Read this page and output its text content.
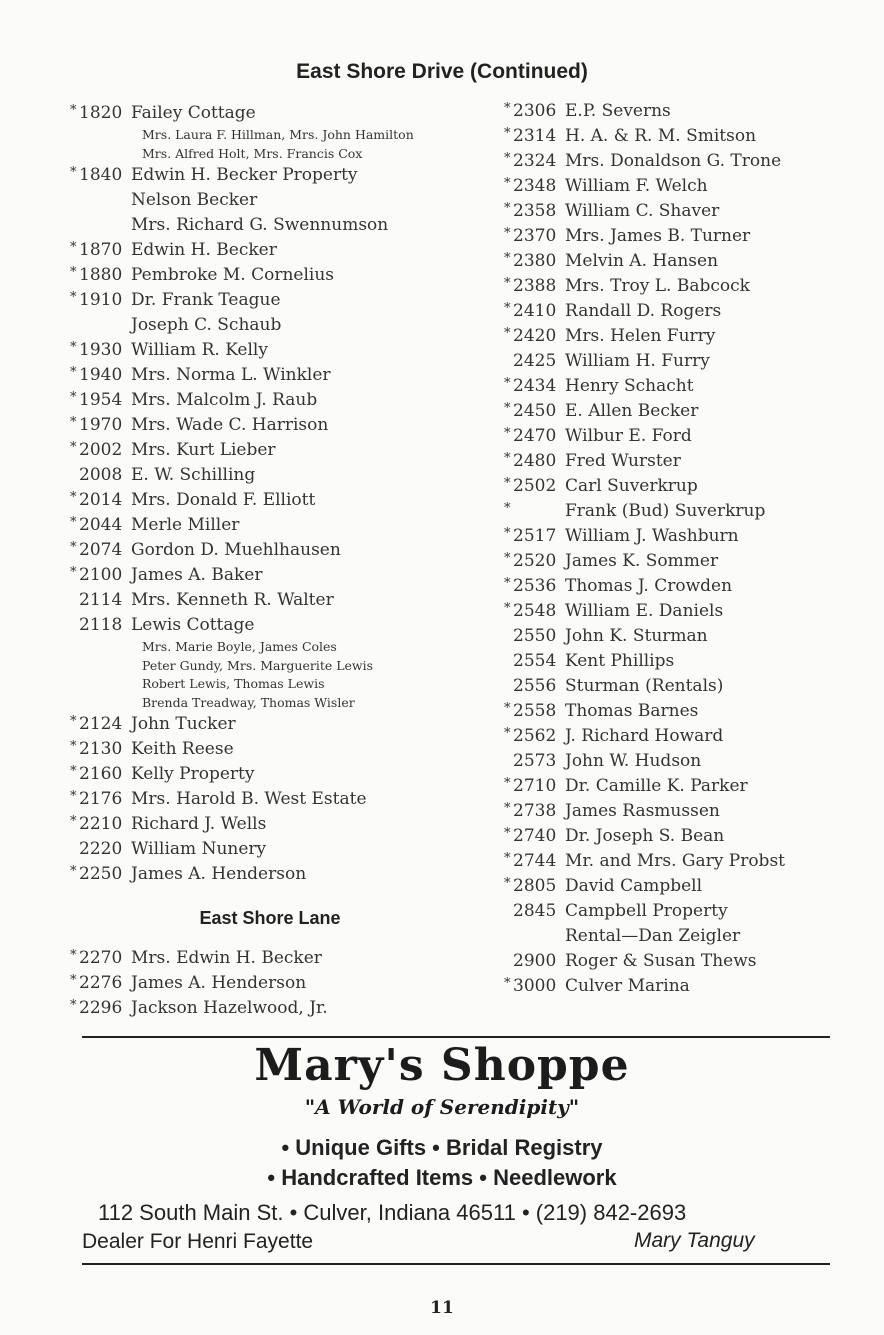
East Shore Drive (Continued)
* 1820 Failey Cottage
Mrs. Laura F. Hillman, Mrs. John Hamilton
Mrs. Alfred Holt, Mrs. Francis Cox
* 1840 Edwin H. Becker Property
Nelson Becker
Mrs. Richard G. Swennumson
* 1870 Edwin H. Becker
* 1880 Pembroke M. Cornelius
* 1910 Dr. Frank Teague
Joseph C. Schaub
* 1930 William R. Kelly
* 1940 Mrs. Norma L. Winkler
* 1954 Mrs. Malcolm J. Raub
* 1970 Mrs. Wade C. Harrison
* 2002 Mrs. Kurt Lieber
2008 E. W. Schilling
* 2014 Mrs. Donald F. Elliott
* 2044 Merle Miller
* 2074 Gordon D. Muehlhausen
* 2100 James A. Baker
2114 Mrs. Kenneth R. Walter
2118 Lewis Cottage
Mrs. Marie Boyle, James Coles
Peter Gundy, Mrs. Marguerite Lewis
Robert Lewis, Thomas Lewis
Brenda Treadway, Thomas Wisler
* 2124 John Tucker
* 2130 Keith Reese
* 2160 Kelly Property
* 2176 Mrs. Harold B. West Estate
* 2210 Richard J. Wells
2220 William Nunery
* 2250 James A. Henderson
East Shore Lane
* 2270 Mrs. Edwin H. Becker
* 2276 James A. Henderson
* 2296 Jackson Hazelwood, Jr.
* 2306 E.P. Severns
* 2314 H. A. & R. M. Smitson
* 2324 Mrs. Donaldson G. Trone
* 2348 William F. Welch
* 2358 William C. Shaver
* 2370 Mrs. James B. Turner
* 2380 Melvin A. Hansen
* 2388 Mrs. Troy L. Babcock
* 2410 Randall D. Rogers
* 2420 Mrs. Helen Furry
2425 William H. Furry
* 2434 Henry Schacht
* 2450 E. Allen Becker
* 2470 Wilbur E. Ford
* 2480 Fred Wurster
* 2502 Carl Suverkrup
*	Frank (Bud) Suverkrup
* 2517 William J. Washburn
* 2520 James K. Sommer
* 2536 Thomas J. Crowden
* 2548 William E. Daniels
2550 John K. Sturman
2554 Kent Phillips
2556 Sturman (Rentals)
* 2558 Thomas Barnes
* 2562 J. Richard Howard
2573 John W. Hudson
* 2710 Dr. Camille K. Parker
* 2738 James Rasmussen
* 2740 Dr. Joseph S. Bean
* 2744 Mr. and Mrs. Gary Probst
* 2805 David Campbell
2845 Campbell Property
Rental—Dan Zeigler
2900 Roger & Susan Thews
* 3000 Culver Marina
Mary's Shoppe
"A World of Serendipity"
• Unique Gifts • Bridal Registry
• Handcrafted Items • Needlework
112 South Main St. • Culver, Indiana 46511 • (219) 842-2693
Dealer For Henri Fayette	Mary Tanguy
11
